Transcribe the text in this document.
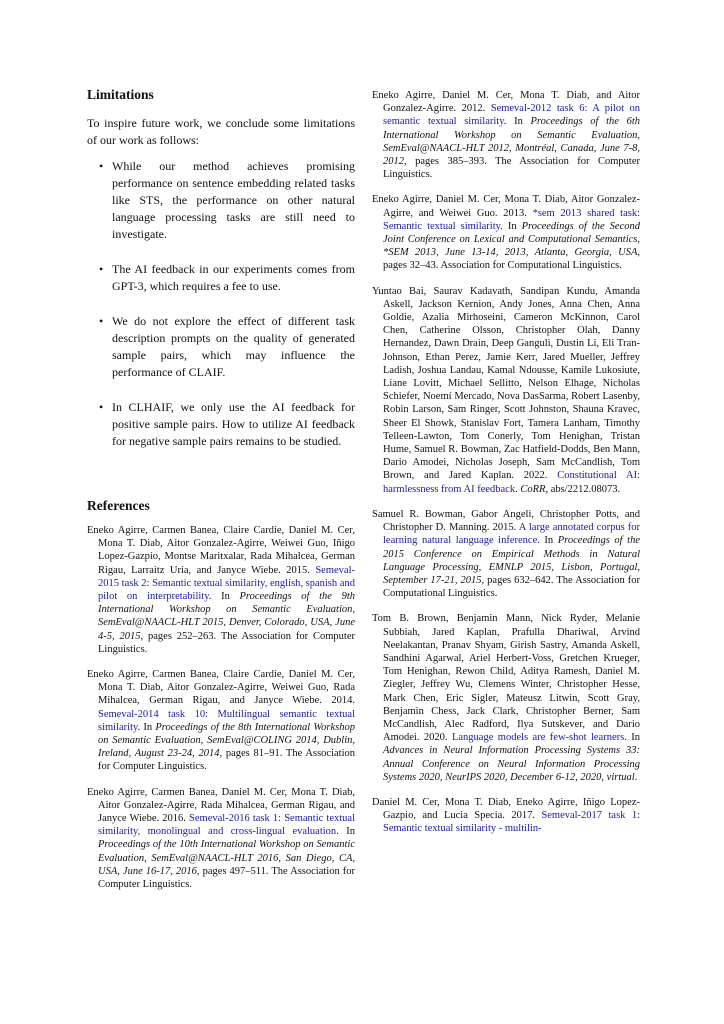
Limitations

To inspire future work, we conclude some limitations of our work as follows:

• While our method achieves promising performance on sentence embedding related tasks like STS, the performance on other natural language processing tasks are still need to investigate.
• The AI feedback in our experiments comes from GPT-3, which requires a fee to use.
• We do not explore the effect of different task description prompts on the quality of generated sample pairs, which may influence the performance of CLAIF.
• In CLHAIF, we only use the AI feedback for positive sample pairs. How to utilize AI feedback for negative sample pairs remains to be studied.
References

Eneko Agirre, Carmen Banea, Claire Cardie, Daniel M. Cer, Mona T. Diab, Aitor Gonzalez-Agirre, Weiwei Guo, Iñigo Lopez-Gazpio, Montse Maritxalar, Rada Mihalcea, German Rigau, Larraitz Uria, and Janyce Wiebe. 2015. Semeval-2015 task 2: Semantic textual similarity, english, spanish and pilot on interpretability. In Proceedings of the 9th International Workshop on Semantic Evaluation, SemEval@NAACL-HLT 2015, Denver, Colorado, USA, June 4-5, 2015, pages 252–263. The Association for Computer Linguistics.

Eneko Agirre, Carmen Banea, Claire Cardie, Daniel M. Cer, Mona T. Diab, Aitor Gonzalez-Agirre, Weiwei Guo, Rada Mihalcea, German Rigau, and Janyce Wiebe. 2014. Semeval-2014 task 10: Multilingual semantic textual similarity. In Proceedings of the 8th International Workshop on Semantic Evaluation, SemEval@COLING 2014, Dublin, Ireland, August 23-24, 2014, pages 81–91. The Association for Computer Linguistics.

Eneko Agirre, Carmen Banea, Daniel M. Cer, Mona T. Diab, Aitor Gonzalez-Agirre, Rada Mihalcea, German Rigau, and Janyce Wiebe. 2016. Semeval-2016 task 1: Semantic textual similarity, monolingual and cross-lingual evaluation. In Proceedings of the 10th International Workshop on Semantic Evaluation, SemEval@NAACL-HLT 2016, San Diego, CA, USA, June 16-17, 2016, pages 497–511. The Association for Computer Linguistics.

Eneko Agirre, Daniel M. Cer, Mona T. Diab, and Aitor Gonzalez-Agirre. 2012. Semeval-2012 task 6: A pilot on semantic textual similarity. In Proceedings of the 6th International Workshop on Semantic Evaluation, SemEval@NAACL-HLT 2012, Montréal, Canada, June 7-8, 2012, pages 385–393. The Association for Computer Linguistics.

Eneko Agirre, Daniel M. Cer, Mona T. Diab, Aitor Gonzalez-Agirre, and Weiwei Guo. 2013. *sem 2013 shared task: Semantic textual similarity. In Proceedings of the Second Joint Conference on Lexical and Computational Semantics, *SEM 2013, June 13-14, 2013, Atlanta, Georgia, USA, pages 32–43. Association for Computational Linguistics.

Yuntao Bai, Saurav Kadavath, Sandipan Kundu, Amanda Askell, Jackson Kernion, Andy Jones, Anna Chen, Anna Goldie, Azalia Mirhoseini, Cameron McKinnon, Carol Chen, Catherine Olsson, Christopher Olah, Danny Hernandez, Dawn Drain, Deep Ganguli, Dustin Li, Eli Tran-Johnson, Ethan Perez, Jamie Kerr, Jared Mueller, Jeffrey Ladish, Joshua Landau, Kamal Ndousse, Kamile Lukosiute, Liane Lovitt, Michael Sellitto, Nelson Elhage, Nicholas Schiefer, Noemí Mercado, Nova DasSarma, Robert Lasenby, Robin Larson, Sam Ringer, Scott Johnston, Shauna Kravec, Sheer El Showk, Stanislav Fort, Tamera Lanham, Timothy Telleen-Lawton, Tom Conerly, Tom Henighan, Tristan Hume, Samuel R. Bowman, Zac Hatfield-Dodds, Ben Mann, Dario Amodei, Nicholas Joseph, Sam McCandlish, Tom Brown, and Jared Kaplan. 2022. Constitutional AI: harmlessness from AI feedback. CoRR, abs/2212.08073.

Samuel R. Bowman, Gabor Angeli, Christopher Potts, and Christopher D. Manning. 2015. A large annotated corpus for learning natural language inference. In Proceedings of the 2015 Conference on Empirical Methods in Natural Language Processing, EMNLP 2015, Lisbon, Portugal, September 17-21, 2015, pages 632–642. The Association for Computational Linguistics.

Tom B. Brown, Benjamin Mann, Nick Ryder, Melanie Subbiah, Jared Kaplan, Prafulla Dhariwal, Arvind Neelakantan, Pranav Shyam, Girish Sastry, Amanda Askell, Sandhini Agarwal, Ariel Herbert-Voss, Gretchen Krueger, Tom Henighan, Rewon Child, Aditya Ramesh, Daniel M. Ziegler, Jeffrey Wu, Clemens Winter, Christopher Hesse, Mark Chen, Eric Sigler, Mateusz Litwin, Scott Gray, Benjamin Chess, Jack Clark, Christopher Berner, Sam McCandlish, Alec Radford, Ilya Sutskever, and Dario Amodei. 2020. Language models are few-shot learners. In Advances in Neural Information Processing Systems 33: Annual Conference on Neural Information Processing Systems 2020, NeurIPS 2020, December 6-12, 2020, virtual.

Daniel M. Cer, Mona T. Diab, Eneko Agirre, Iñigo Lopez-Gazpio, and Lucia Specia. 2017. Semeval-2017 task 1: Semantic textual similarity - multilin-
